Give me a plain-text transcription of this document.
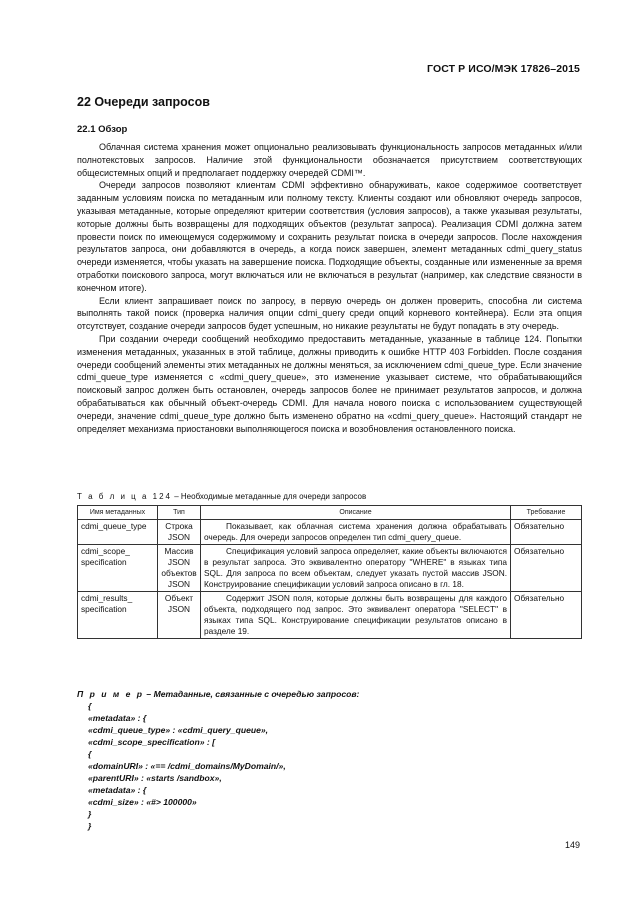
ГОСТ Р ИСО/МЭК 17826–2015
22 Очереди запросов
22.1 Обзор

Облачная система хранения может опционально реализовывать функциональность запросов метаданных и/или полнотекстовых запросов. Наличие этой функциональности обозначается присутствием соответствующих общесистемных опций и предполагает поддержку очередей CDMI™.

Очереди запросов позволяют клиентам CDMI эффективно обнаруживать, какое содержимое соответствует заданным условиям поиска по метаданным или полному тексту. Клиенты создают или обновляют очередь запросов, указывая метаданные, которые определяют критерии соответствия (условия запросов), а также указывая результаты, которые должны быть возвращены для подходящих объектов (результат запроса). Реализация CDMI должна затем провести поиск по имеющемуся содержимому и сохранить результат поиска в очереди запросов. После нахождения результатов запроса, они добавляются в очередь, а когда поиск завершен, элемент метаданных cdmi_query_status очереди изменяется, чтобы указать на завершение поиска. Подходящие объекты, созданные или измененные за время отработки поискового запроса, могут включаться или не включаться в результат (например, как следствие связности в конечном итоге).

Если клиент запрашивает поиск по запросу, в первую очередь он должен проверить, способна ли система выполнять такой поиск (проверка наличия опции cdmi_query среди опций корневого контейнера). Если эта опция отсутствует, создание очереди запросов будет успешным, но никакие результаты не будут попадать в эту очередь.

При создании очереди сообщений необходимо предоставить метаданные, указанные в таблице 124. Попытки изменения метаданных, указанных в этой таблице, должны приводить к ошибке HTTP 403 Forbidden. После создания очереди сообщений элементы этих метаданных не должны меняться, за исключением cdmi_queue_type. Если значение cdmi_queue_type изменяется с «cdmi_query_queue», это изменение указывает системе, что обрабатывающийся поисковый запрос должен быть остановлен, очередь запросов более не принимает результатов запросов, и должна обрабатываться как обычный объект-очередь CDMI. Для начала нового поиска с использованием существующей очереди, значение cdmi_queue_type должно быть изменено обратно на «cdmi_query_queue». Настоящий стандарт не определяет механизма приостановки выполняющегося поиска и возобновления остановленного поиска.

Т а б л и ц а 124 – Необходимые метаданные для очереди запросов
Имя метаданных	Тип	Описание	Требование
cdmi_queue_type	Строка JSON	Показывает, как облачная система хранения должна обрабатывать очередь. Для очереди запросов определен тип cdmi_query_queue.	Обязательно
cdmi_scope_ specification	Массив JSON объектов JSON	Спецификация условий запроса определяет, какие объекты включаются в результат запроса. Это эквивалентно оператору "WHERE" в языках типа SQL. Для запроса по всем объектам, следует указать пустой массив JSON. Конструирование спецификации условий запроса описано в гл. 18.	Обязательно
cdmi_results_ specification	Объект JSON	Содержит JSON поля, которые должны быть возвращены для каждого объекта, подходящего под запрос. Это эквивалент оператора "SELECT" в языках типа SQL. Конструирование спецификации результатов описано в разделе 19.	Обязательно
П р и м е р – Метаданные, связанные с очередью запросов:
{
«metadata» : {
«cdmi_queue_type» : «cdmi_query_queue»,
«cdmi_scope_specification» : [
{
«domainURI» : «== /cdmi_domains/MyDomain/»,
«parentURI» : «starts /sandbox»,
«metadata» : {
«cdmi_size» : «#> 100000»
}
}
149
